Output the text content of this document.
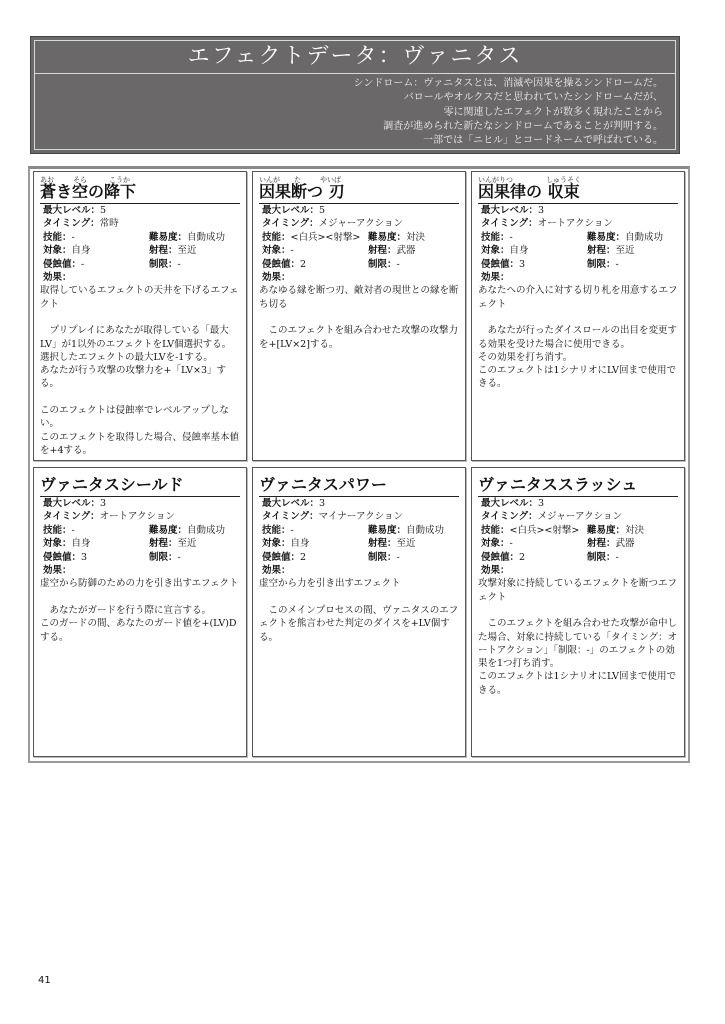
エフェクトデータ：ヴァニタス
シンドローム：ヴァニタスとは、消滅や因果を操るシンドロームだ。
バロールやオルクスだと思われていたシンドロームだが、
零に関連したエフェクトが数多く現れたことから
調査が進められた新たなシンドロームであることが判明する。
一部では「ニヒル」とコードネームで呼ばれている。
あお	そら	こうか
蒼き空の降下
最大レベル：5
タイミング：常時
技能：-	難易度：自動成功
対象：自身	射程：至近
侵蝕値：-	制限：-
効果：
取得しているエフェクトの天井を下げるエフェクト

　プリプレイにあなたが取得している「最大LV」が1以外のエフェクトをLV個選択する。
選択したエフェクトの最大LVを-1する。
あなたが行う攻撃の攻撃力を+「LV×3」する。

このエフェクトは侵蝕率でレベルアップしない。
このエフェクトを取得した場合、侵蝕率基本値を+4する。
いんが た	やいば
因果断つ 刃
最大レベル：5
タイミング：メジャーアクション
技能：<白兵><射撃> 難易度：対決
対象：-	射程：武器
侵蝕値：2	制限：-
効果：
あなゆる縁を断つ刃、敵対者の現世との縁を断ち切る

　このエフェクトを組み合わせた攻撃の攻撃力を+[LV×2]する。
いんがりつ	しゅうそく
因果律の 収束
最大レベル：3
タイミング：オートアクション
技能：-	難易度：自動成功
対象：自身	射程：至近
侵蝕値：3	制限：-
効果：
あなたへの介入に対する切り札を用意するエフェクト

　あなたが行ったダイスロールの出目を変更する効果を受けた場合に使用できる。
その効果を打ち消す。
このエフェクトは1シナリオにLV回まで使用できる。
ヴァニタスシールド
最大レベル：3
タイミング：オートアクション
技能：-	難易度：自動成功
対象：自身	射程：至近
侵蝕値：3	制限：-
効果：
虚空から防御のための力を引き出すエフェクト

　あなたがガードを行う際に宣言する。
このガードの間、あなたのガード値を+(LV)Dする。
ヴァニタスパワー
最大レベル：3
タイミング：マイナーアクション
技能：-	難易度：自動成功
対象：自身	射程：至近
侵蝕値：2	制限：-
効果：
虚空から力を引き出すエフェクト

　このメインプロセスの間、ヴァニタスのエフェクトを熊言わせた判定のダイスを+LV個する。
ヴァニタススラッシュ
最大レベル：3
タイミング：メジャーアクション
技能：<白兵><射撃> 難易度：対決
対象：-	射程：武器
侵蝕値：2	制限：-
効果：
攻撃対象に持続しているエフェクトを断つエフェクト

　このエフェクトを組み合わせた攻撃が命中した場合、対象に持続している「タイミング：オートアクション」「制限：-」のエフェクトの効果を1つ打ち消す。
このエフェクトは1シナリオにLV回まで使用できる。
41
